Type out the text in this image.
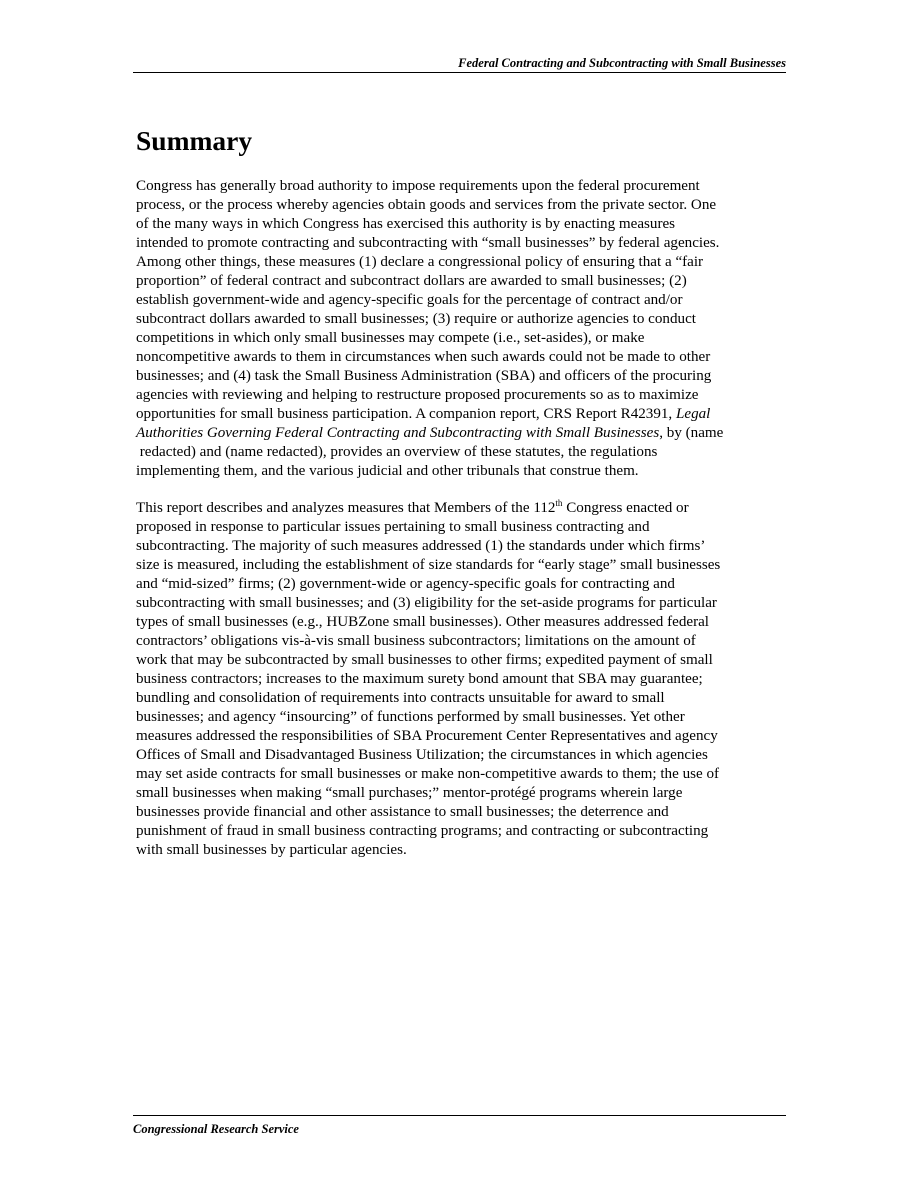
Federal Contracting and Subcontracting with Small Businesses
Summary
Congress has generally broad authority to impose requirements upon the federal procurement
process, or the process whereby agencies obtain goods and services from the private sector. One
of the many ways in which Congress has exercised this authority is by enacting measures
intended to promote contracting and subcontracting with “small businesses” by federal agencies.
Among other things, these measures (1) declare a congressional policy of ensuring that a “fair
proportion” of federal contract and subcontract dollars are awarded to small businesses; (2)
establish government-wide and agency-specific goals for the percentage of contract and/or
subcontract dollars awarded to small businesses; (3) require or authorize agencies to conduct
competitions in which only small businesses may compete (i.e., set-asides), or make
noncompetitive awards to them in circumstances when such awards could not be made to other
businesses; and (4) task the Small Business Administration (SBA) and officers of the procuring
agencies with reviewing and helping to restructure proposed procurements so as to maximize
opportunities for small business participation. A companion report, CRS Report R42391, Legal
Authorities Governing Federal Contracting and Subcontracting with Small Businesses, by (name
redacted) and (name redacted), provides an overview of these statutes, the regulations
implementing them, and the various judicial and other tribunals that construe them.
This report describes and analyzes measures that Members of the 112th Congress enacted or
proposed in response to particular issues pertaining to small business contracting and
subcontracting. The majority of such measures addressed (1) the standards under which firms’
size is measured, including the establishment of size standards for “early stage” small businesses
and “mid-sized” firms; (2) government-wide or agency-specific goals for contracting and
subcontracting with small businesses; and (3) eligibility for the set-aside programs for particular
types of small businesses (e.g., HUBZone small businesses). Other measures addressed federal
contractors’ obligations vis-à-vis small business subcontractors; limitations on the amount of
work that may be subcontracted by small businesses to other firms; expedited payment of small
business contractors; increases to the maximum surety bond amount that SBA may guarantee;
bundling and consolidation of requirements into contracts unsuitable for award to small
businesses; and agency “insourcing” of functions performed by small businesses. Yet other
measures addressed the responsibilities of SBA Procurement Center Representatives and agency
Offices of Small and Disadvantaged Business Utilization; the circumstances in which agencies
may set aside contracts for small businesses or make non-competitive awards to them; the use of
small businesses when making “small purchases;” mentor-protégé programs wherein large
businesses provide financial and other assistance to small businesses; the deterrence and
punishment of fraud in small business contracting programs; and contracting or subcontracting
with small businesses by particular agencies.
Congressional Research Service
